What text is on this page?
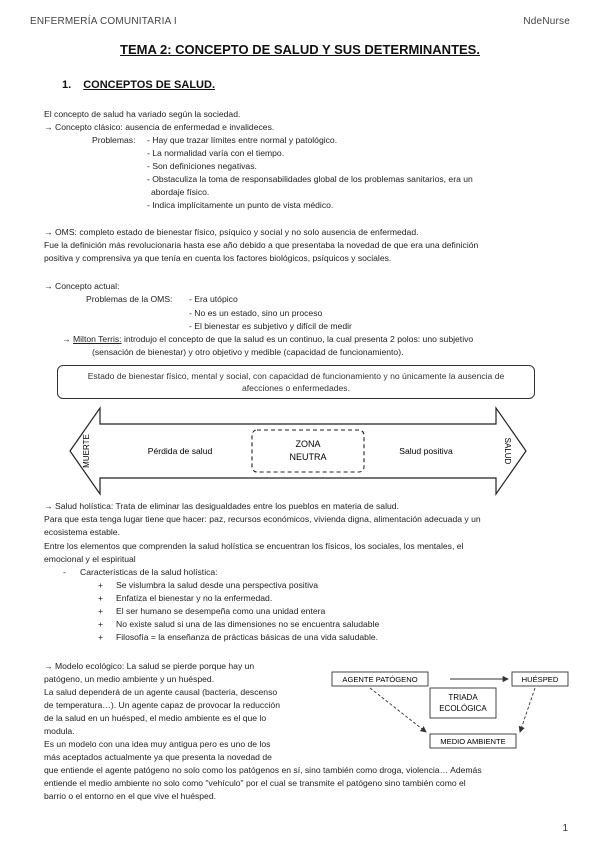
ENFERMERÍA COMUNITARIA I	NdeNurse
TEMA 2: CONCEPTO DE SALUD Y SUS DETERMINANTES.
1. CONCEPTOS DE SALUD.
El concepto de salud ha variado según la sociedad.
→ Concepto clásico: ausencia de enfermedad e invalideces.
Problemas: - Hay que trazar límites entre normal y patológico.
- La normalidad varía con el tiempo.
- Son definiciones negativas.
- Obstaculiza la toma de responsabilidades global de los problemas sanitarios, era un
abordaje físico.
- Indica implícitamente un punto de vista médico.
→ OMS: completo estado de bienestar físico, psíquico y social y no solo ausencia de enfermedad.
Fue la definición más revolucionaria hasta ese año debido a que presentaba la novedad de que era una definición
positiva y comprensiva ya que tenía en cuenta los factores biológicos, psíquicos y sociales.
→ Concepto actual:
Problemas de la OMS: - Era utópico
- No es un estado, sino un proceso
- El bienestar es subjetivo y difícil de medir
→ Milton Terris: introdujo el concepto de que la salud es un continuo, la cual presenta 2 polos: uno subjetivo
(sensación de bienestar) y otro objetivo y medible (capacidad de funcionamiento).
Estado de bienestar físico, mental y social, con capacidad de funcionamiento y no únicamente la ausencia de
afecciones o enfermedades.
MUERTE	Pérdida de salud
ZONA
NEUTRA
Salud positiva	SALUD
→ Salud holística: Trata de eliminar las desigualdades entre los pueblos en materia de salud.
Para que esta tenga lugar tiene que hacer: paz, recursos económicos, vivienda digna, alimentación adecuada y un
ecosistema estable.
Entre los elementos que comprenden la salud holística se encuentran los físicos, los sociales, los mentales, el
emocional y el espiritual
- Características de la salud holística:
+ Se vislumbra la salud desde una perspectiva positiva
+ Enfatiza el bienestar y no la enfermedad.
+ El ser humano se desempeña como una unidad entera
+ No existe salud si una de las dimensiones no se encuentra saludable
+ Filosofía = la enseñanza de prácticas básicas de una vida saludable.
→ Modelo ecológico: La salud se pierde porque hay un
patógeno, un medio ambiente y un huésped.
La salud dependerá de un agente causal (bacteria, descenso
de temperatura…). Un agente capaz de provocar la reducción
de la salud en un huésped, el medio ambiente es el que lo
modula.
Es un modelo con una idea muy antigua pero es uno de los
más aceptados actualmente ya que presenta la novedad de
que entiende el agente patógeno no solo como los patógenos en sí, sino también como droga, violencia… Además
entiende el medio ambiente no solo como "vehículo" por el cual se transmite el patógeno sino también como el
barrio o el entorno en el que vive el huésped.
AGENTE PATÓGENO	HUÉSPED
TRIADA
ECOLÓGICA
MEDIO AMBIENTE
1
